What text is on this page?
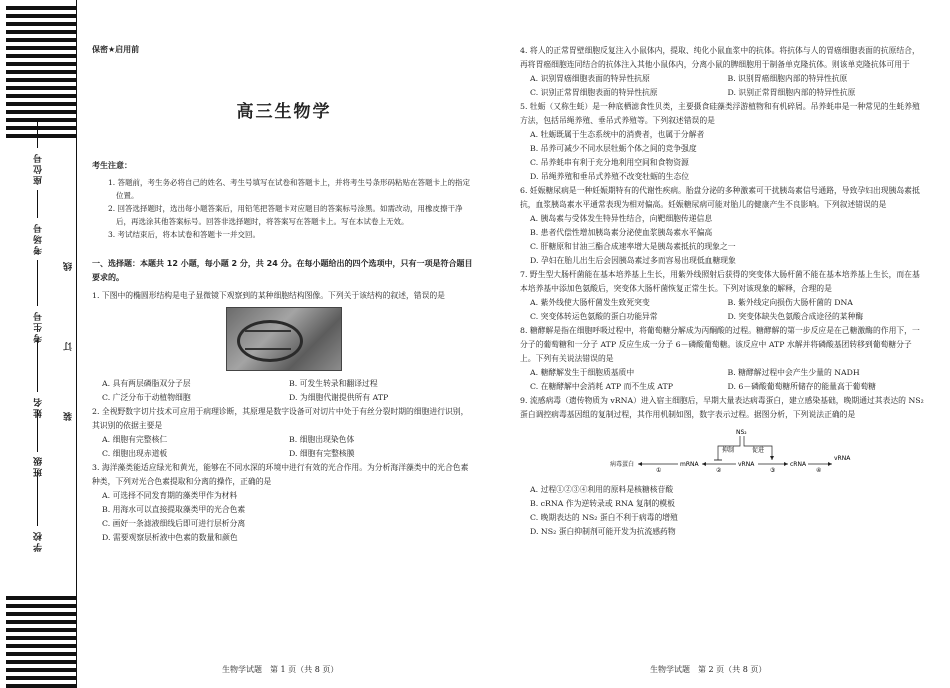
学校
班级
姓名
考生号
考场号
座位号
线
订
装
保密★启用前
高三生物学
考生注意：

1. 答题前，考生务必将自己的姓名、考生号填写在试卷和答题卡上，并将考生号条形码粘贴在答题卡上的指定位置。

2. 回答选择题时，选出每小题答案后，用铅笔把答题卡对应题目的答案标号涂黑。如需改动，用橡皮擦干净后，再选涂其他答案标号。回答非选择题时，将答案写在答题卡上。写在本试卷上无效。

3. 考试结束后，将本试卷和答题卡一并交回。

一、选择题：本题共 12 小题，每小题 2 分，共 24 分。在每小题给出的四个选项中，只有一项是符合题目要求的。
1. 下图中的椭圆形结构是电子显微镜下观察到的某种细胞结构图像。下列关于该结构的叙述，错误的是
A. 具有两层磷脂双分子层	B. 可发生转录和翻译过程
C. 广泛分布于动植物细胞	D. 为细胞代谢提供所有 ATP
2. 全视野数字切片技术可应用于病理诊断，其原理是数字设备可对切片中处于有丝分裂时期的细胞进行识别，其识别的依据主要是
A. 细胞有完整核仁	B. 细胞出现染色体
C. 细胞出现赤道板	D. 细胞有完整核膜
3. 海洋藻类能适应绿光和黄光，能够在不同水深的环境中进行有效的光合作用。为分析海洋藻类中的光合色素种类，下列对光合色素提取和分离的操作，正确的是
A. 可选择不同发育期的藻类甲作为材料
B. 用海水可以直接提取藻类甲的光合色素
C. 画好一条滤液细线后即可进行层析分离
D. 需要观察层析液中色素的数量和颜色
生物学试题　第 1 页（共 8 页）
4. 将人的正常胃壁细胞反复注入小鼠体内，提取、纯化小鼠血浆中的抗体。将抗体与人的胃癌细胞表面的抗原结合，再将胃癌细胞连同结合的抗体注入其他小鼠体内，分离小鼠的脾细胞用于制备单克隆抗体。则该单克隆抗体可用于
A. 识别胃癌细胞表面的特异性抗原	B. 识别胃癌细胞内部的特异性抗原
C. 识别正常胃细胞表面的特异性抗原	D. 识别正常胃细胞内部的特异性抗原
5. 牡蛎（又称生蚝）是一种底栖滤食性贝类，主要摄食硅藻类浮游植物和有机碎屑。吊养蚝串是一种常见的生蚝养殖方法，包括吊绳养殖、垂吊式养殖等。下列叙述错误的是
A. 牡蛎既属于生态系统中的消费者，也属于分解者
B. 吊养可减少不同水层牡蛎个体之间的竞争强度
C. 吊养蚝串有利于充分地利用空间和食物资源
D. 吊绳养殖和垂吊式养殖不改变牡蛎的生态位
6. 妊娠糖尿病是一种妊娠期特有的代谢性疾病。胎盘分泌的多种激素可干扰胰岛素信号通路，导致孕妇出现胰岛素抵抗，血浆胰岛素水平通常表现为相对偏高。妊娠糖尿病可能对胎儿的健康产生不良影响。下列叙述错误的是
A. 胰岛素与受体发生特异性结合，向靶细胞传递信息
B. 患者代偿性增加胰岛素分泌使血浆胰岛素水平偏高
C. 肝糖原和甘油三酯合成速率增大是胰岛素抵抗的现象之一
D. 孕妇在胎儿出生后会因胰岛素过多而容易出现低血糖现象
7. 野生型大肠杆菌能在基本培养基上生长，用紫外线照射后获得的突变体大肠杆菌不能在基本培养基上生长，而在基本培养基中添加色氨酸后，突变体大肠杆菌恢复正常生长。下列对该现象的解释，合理的是
A. 紫外线使大肠杆菌发生致死突变	B. 紫外线定向损伤大肠杆菌的 DNA
C. 突变体转运色氨酸的蛋白功能异常	D. 突变体缺失色氨酸合成途径的某种酶
8. 糖酵解是指在细胞呼吸过程中，将葡萄糖分解成为丙酮酸的过程。糖酵解的第一步反应是在己糖激酶的作用下，一分子的葡萄糖和一分子 ATP 反应生成一分子 6－磷酸葡萄糖。该反应中 ATP 水解并将磷酸基团转移到葡萄糖分子上。下列有关说法错误的是
A. 糖酵解发生于细胞质基质中	B. 糖酵解过程中会产生少量的 NADH
C. 在糖酵解中会消耗 ATP 而不生成 ATP	D. 6－磷酸葡萄糖所储存的能量高于葡萄糖
9. 流感病毒（遗传物质为 vRNA）进入宿主细胞后，早期大量表达病毒蛋白，建立感染基础，晚期通过其表达的 NS₂ 蛋白调控病毒基因组的复制过程，其作用机制如图，数字表示过程。据图分析，下列说法正确的是
病毒蛋白
①
mRNA
②
vRNA
③
cRNA
④
vRNA
NS₂
抑制	促进
A. 过程①②③④利用的原料是核糖核苷酸
B. cRNA 作为逆转录或 RNA 复制的模板
C. 晚期表达的 NS₂ 蛋白不利于病毒的增殖
D. NS₂ 蛋白抑制剂可能开发为抗流感药物
生物学试题　第 2 页（共 8 页）
